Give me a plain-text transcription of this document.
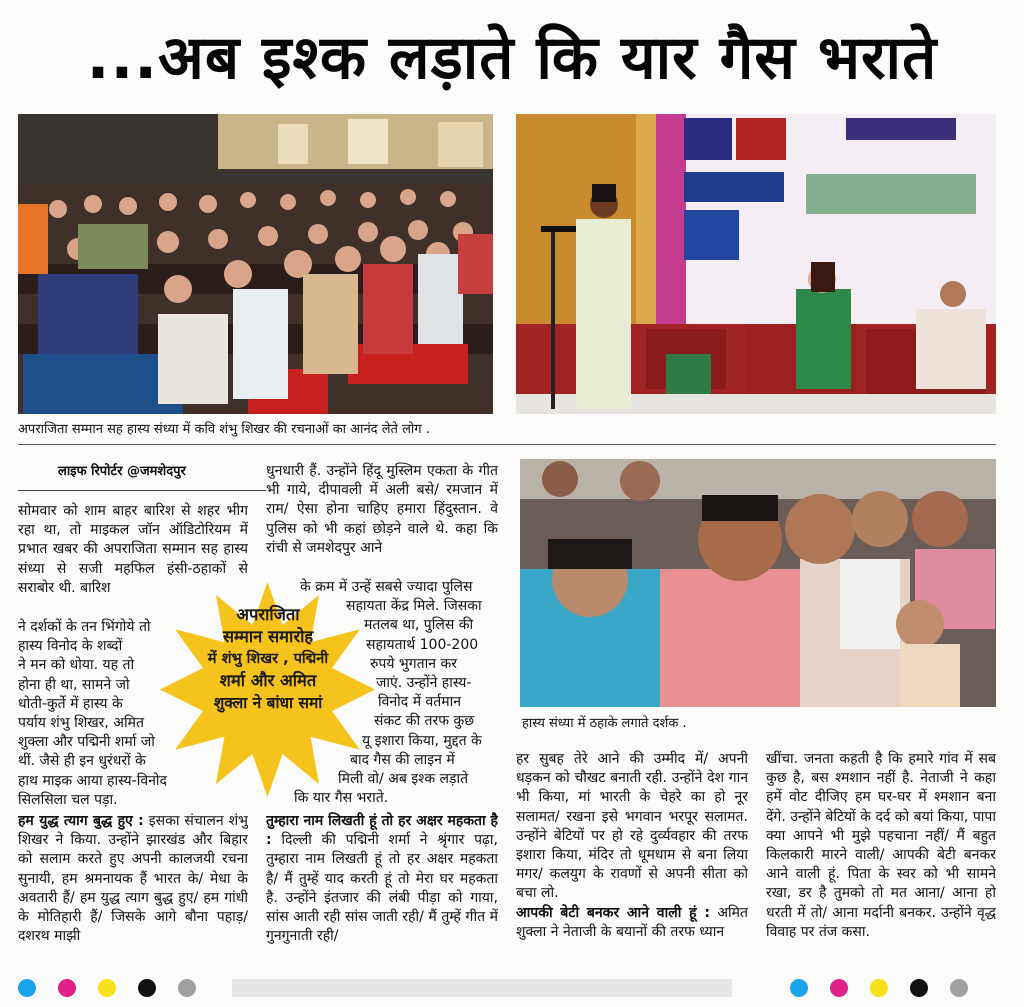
...अब इश्क लड़ाते कि यार गैस भराते
अपराजिता सम्मान सह हास्य संध्या में कवि शंभु शिखर की रचनाओं का आनंद लेते लोग .
हास्य संध्या में ठहाके लगाते दर्शक .
लाइफ रिपोर्टर @जमशेदपुर

सोमवार को शाम बाहर बारिश से शहर भीग रहा था, तो माइकल जॉन ऑडिटोरियम में प्रभात खबर की अपराजिता सम्मान सह हास्य संध्या से सजी महफिल हंसी-ठहाकों से सराबोर थी. बारिश

ने दर्शकों के तन भिंगोये तो
हास्य विनोद के शब्दों
ने मन को धोया. यह तो
होना ही था, सामने जो
धोती-कुर्ते में हास्य के
पर्याय शंभु शिखर, अमित
शुक्ला और पद्मिनी शर्मा जो
थीं. जैसे ही इन धुरंधरों के
हाथ माइक आया हास्य-विनोद
सिलसिला चल पड़ा.

हम युद्ध त्याग बुद्ध हुए : इसका संचालन शंभु शिखर ने किया. उन्होंने झारखंड और बिहार को सलाम करते हुए अपनी कालजयी रचना सुनायी, हम श्रमनायक हैं भारत के/ मेधा के अवतारी हैं/ हम युद्ध त्याग बुद्ध हुए/ हम गांधी के मोतिहारी हैं/ जिसके आगे बौना पहाड़/ दशरथ माझी

धुनधारी हैं. उन्होंने हिंदू मुस्लिम एकता के गीत भी गाये, दीपावली में अली बसे/ रमजान में राम/ ऐसा होना चाहिए हमारा हिंदुस्तान. वे पुलिस को भी कहां छोड़ने वाले थे. कहा कि रांची से जमशेदपुर आने

के क्रम में उन्हें सबसे ज्यादा पुलिस
सहायता केंद्र मिले. जिसका
मतलब था, पुलिस की
सहायतार्थ 100-200
रुपये भुगतान कर
जाएं. उन्होंने हास्य-
विनोद में वर्तमान
संकट की तरफ कुछ
यू इशारा किया, मुद्दत के
बाद गैस की लाइन में
मिली वो/ अब इश्क लड़ाते
कि यार गैस भराते.

तुम्हारा नाम लिखती हूं तो हर अक्षर महकता है : दिल्ली की पद्मिनी शर्मा ने श्रृंगार पढ़ा, तुम्हारा नाम लिखती हूं तो हर अक्षर महकता है/ मैं तुम्हें याद करती हूं तो मेरा घर महकता है. उन्होंने इंतजार की लंबी पीड़ा को गाया, सांस आती रही सांस जाती रही/ मैं तुम्हें गीत में गुनगुनाती रही/

हर सुबह तेरे आने की उम्मीद में/ अपनी धड़कन को चौखट बनाती रही. उन्होंने देश गान भी किया, मां भारती के चेहरे का हो नूर सलामत/ रखना इसे भगवान भरपूर सलामत. उन्होंने बेटियों पर हो रहे दुर्व्यवहार की तरफ इशारा किया, मंदिर तो धूमधाम से बना लिया मगर/ कलयुग के रावणों से अपनी सीता को बचा लो.

आपकी बेटी बनकर आने वाली हूं : अमित शुक्ला ने नेताजी के बयानों की तरफ ध्यान

खींचा. जनता कहती है कि हमारे गांव में सब कुछ है, बस श्मशान नहीं है. नेताजी ने कहा हमें वोट दीजिए हम घर-घर में श्मशान बना देंगे. उन्होंने बेटियों के दर्द को बयां किया, पापा क्या आपने भी मुझे पहचाना नहीं/ मैं बहुत किलकारी मारने वाली/ आपकी बेटी बनकर आने वाली हूं. पिता के स्वर को भी सामने रखा, डर है तुमको तो मत आना/ आना हो धरती में तो/ आना मर्दानी बनकर. उन्होंने वृद्ध विवाह पर तंज कसा.

अपराजिता
सम्मान समारोह
में शंभु शिखर , पद्मिनी
शर्मा और अमित
शुक्ला ने बांधा समां
